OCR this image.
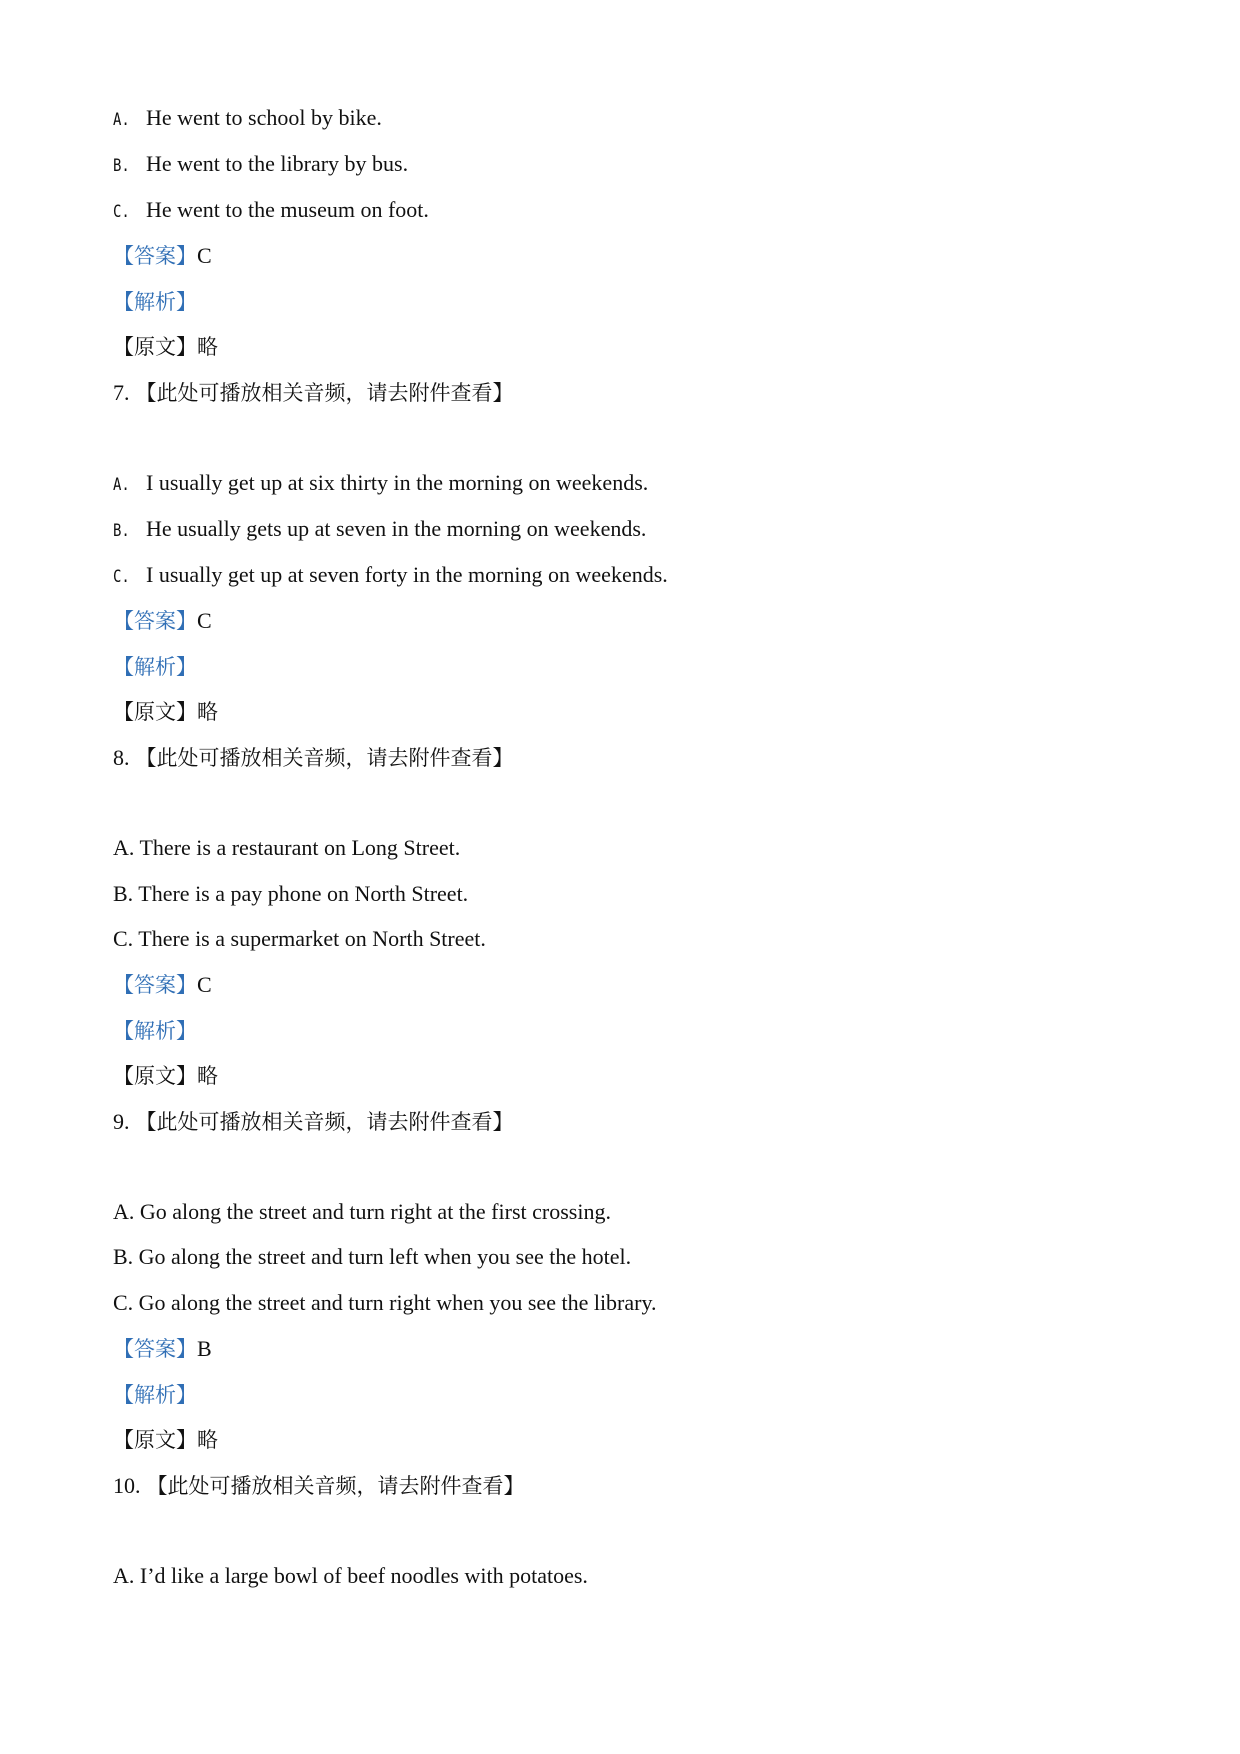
A. He went to school by bike.
B. He went to the library by bus.
C. He went to the museum on foot.
【答案】C
【解析】
【原文】略
7. 【此处可播放相关音频，请去附件查看】
A. I usually get up at six thirty in the morning on weekends.
B. He usually gets up at seven in the morning on weekends.
C. I usually get up at seven forty in the morning on weekends.
【答案】C
【解析】
【原文】略
8. 【此处可播放相关音频，请去附件查看】
A. There is a restaurant on Long Street.
B. There is a pay phone on North Street.
C. There is a supermarket on North Street.
【答案】C
【解析】
【原文】略
9. 【此处可播放相关音频，请去附件查看】
A. Go along the street and turn right at the first crossing.
B. Go along the street and turn left when you see the hotel.
C. Go along the street and turn right when you see the library.
【答案】B
【解析】
【原文】略
10. 【此处可播放相关音频，请去附件查看】
A. I’d like a large bowl of beef noodles with potatoes.
